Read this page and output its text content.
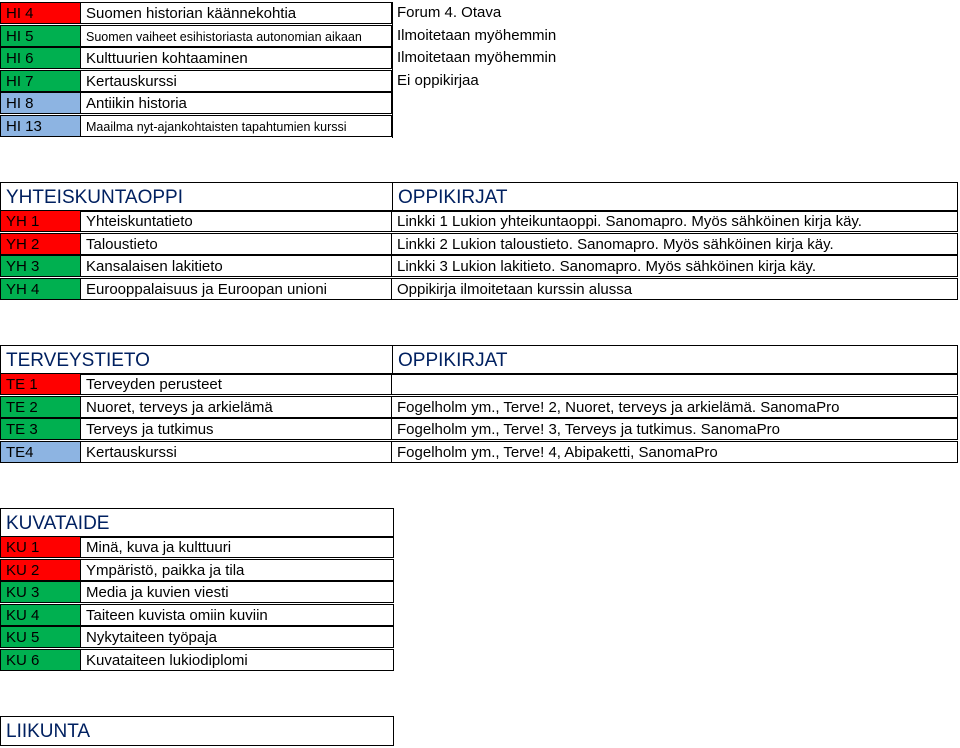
HI 4	Suomen historian käännekohtia	Forum 4. Otava
HI 5	Suomen vaiheet esihistoriasta autonomian aikaan	Ilmoitetaan myöhemmin
HI 6	Kulttuurien kohtaaminen	Ilmoitetaan myöhemmin
HI 7	Kertauskurssi	Ei oppikirjaa
HI 8	Antiikin historia
HI 13	Maailma nyt-ajankohtaisten tapahtumien kurssi
YHTEISKUNTAOPPI	OPPIKIRJAT
YH 1	Yhteiskuntatieto	Linkki 1 Lukion yhteikuntaoppi. Sanomapro. Myös sähköinen kirja käy.
YH 2	Taloustieto	Linkki 2 Lukion taloustieto. Sanomapro. Myös sähköinen kirja käy.
YH 3	Kansalaisen lakitieto	Linkki 3 Lukion lakitieto. Sanomapro. Myös sähköinen kirja käy.
YH 4	Eurooppalaisuus ja Euroopan unioni	Oppikirja ilmoitetaan kurssin alussa
TERVEYSTIETO	OPPIKIRJAT
TE 1	Terveyden perusteet
TE 2	Nuoret, terveys ja arkielämä	Fogelholm ym., Terve! 2, Nuoret, terveys ja arkielämä. SanomaPro
TE 3	Terveys ja tutkimus	Fogelholm ym., Terve! 3, Terveys ja tutkimus. SanomaPro
TE4	Kertauskurssi	Fogelholm ym., Terve! 4, Abipaketti, SanomaPro
KUVATAIDE
KU 1	Minä, kuva ja kulttuuri
KU 2	Ympäristö, paikka ja tila
KU 3	Media ja kuvien viesti
KU 4	Taiteen kuvista omiin kuviin
KU 5	Nykytaiteen työpaja
KU 6	Kuvataiteen lukiodiplomi
LIIKUNTA
